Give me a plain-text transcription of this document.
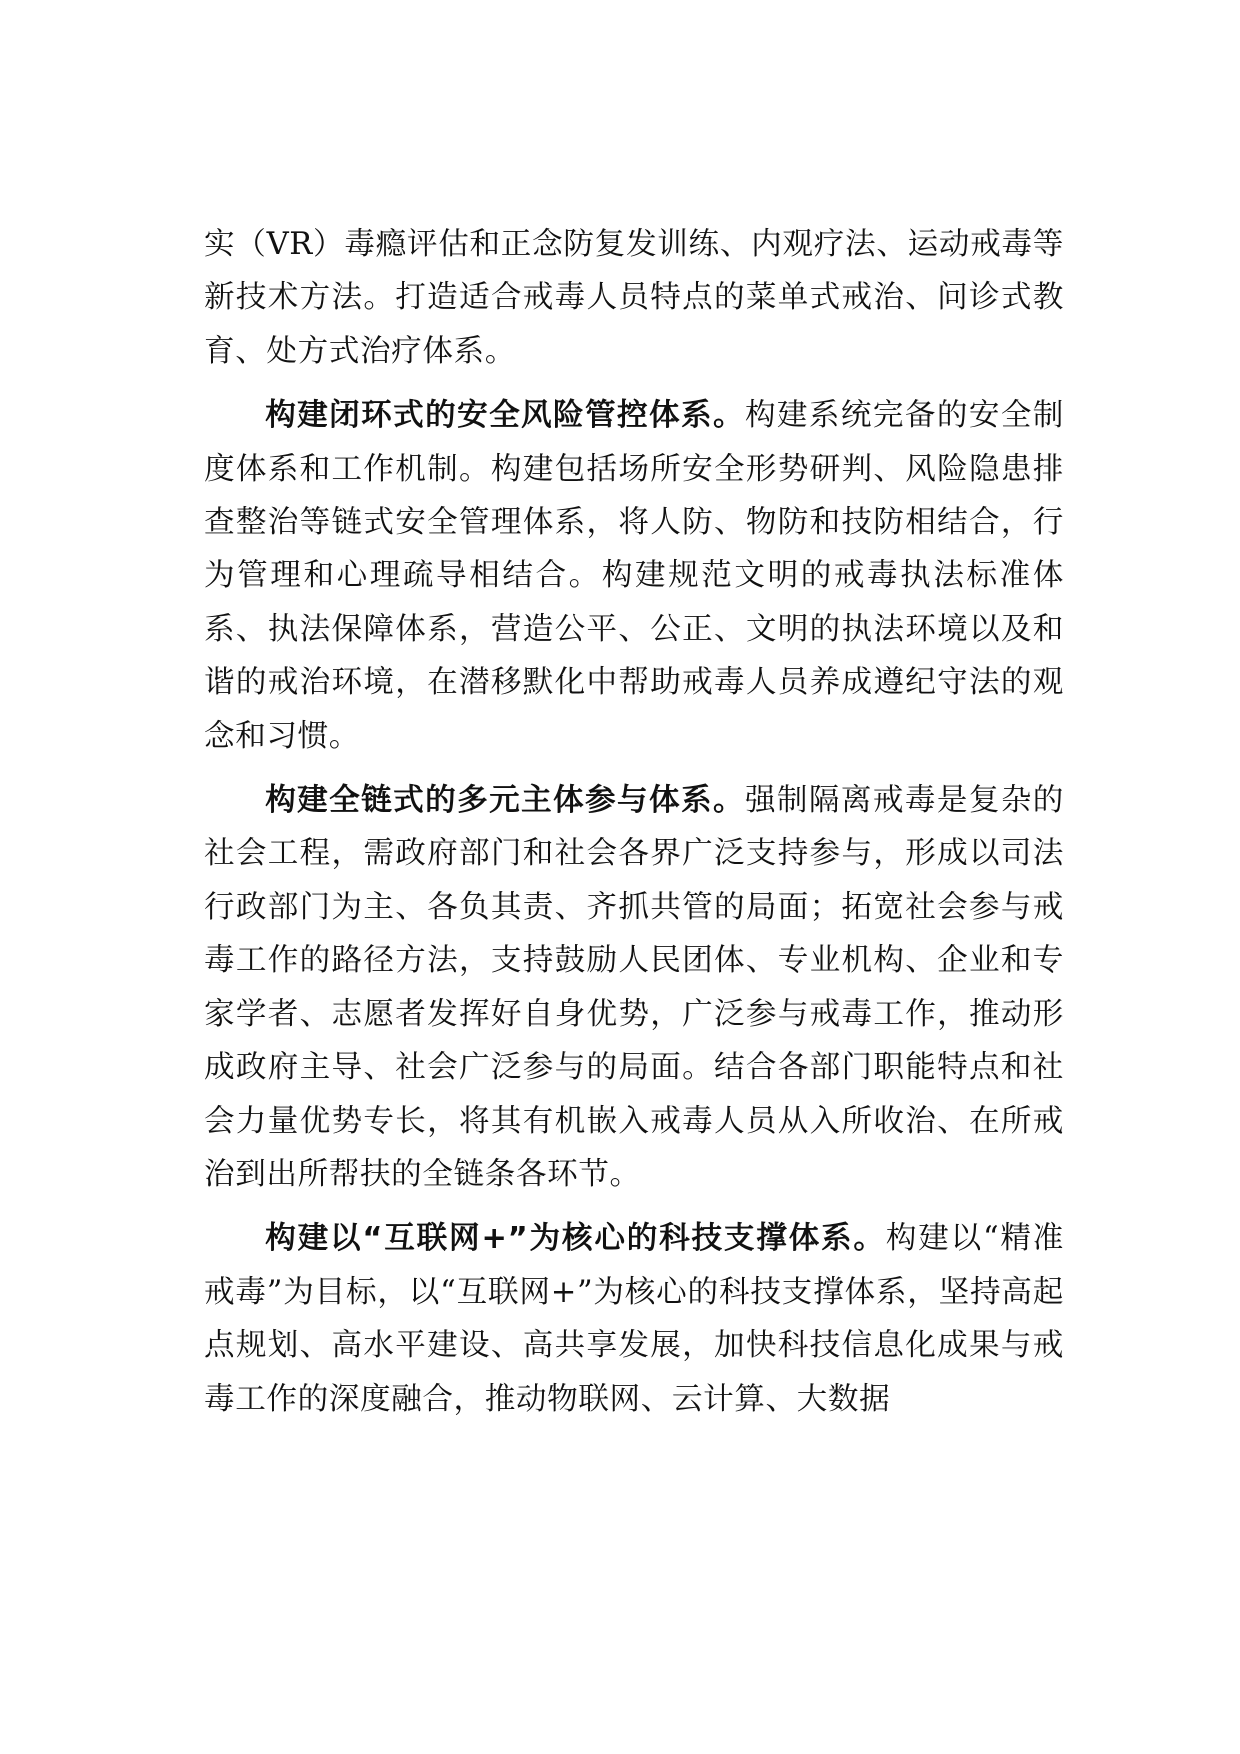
实（VR）毒瘾评估和正念防复发训练、内观疗法、运动戒毒等新技术方法。打造适合戒毒人员特点的菜单式戒治、问诊式教育、处方式治疗体系。

构建闭环式的安全风险管控体系。构建系统完备的安全制度体系和工作机制。构建包括场所安全形势研判、风险隐患排查整治等链式安全管理体系，将人防、物防和技防相结合，行为管理和心理疏导相结合。构建规范文明的戒毒执法标准体系、执法保障体系，营造公平、公正、文明的执法环境以及和谐的戒治环境，在潜移默化中帮助戒毒人员养成遵纪守法的观念和习惯。

构建全链式的多元主体参与体系。强制隔离戒毒是复杂的社会工程，需政府部门和社会各界广泛支持参与，形成以司法行政部门为主、各负其责、齐抓共管的局面；拓宽社会参与戒毒工作的路径方法，支持鼓励人民团体、专业机构、企业和专家学者、志愿者发挥好自身优势，广泛参与戒毒工作，推动形成政府主导、社会广泛参与的局面。结合各部门职能特点和社会力量优势专长，将其有机嵌入戒毒人员从入所收治、在所戒治到出所帮扶的全链条各环节。

构建以“互联网+”为核心的科技支撑体系。构建以“精准戒毒”为目标，以“互联网+”为核心的科技支撑体系，坚持高起点规划、高水平建设、高共享发展，加快科技信息化成果与戒毒工作的深度融合，推动物联网、云计算、大数据
